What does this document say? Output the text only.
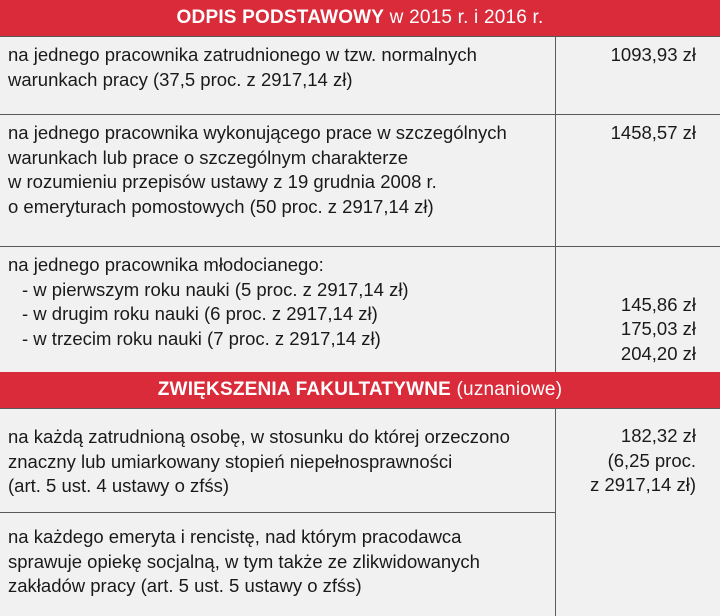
ODPIS PODSTAWOWY w 2015 r. i 2016 r.
na jednego pracownika zatrudnionego w tzw. normalnych
warunkach pracy (37,5 proc. z 2917,14 zł)
1093,93 zł
na jednego pracownika wykonującego prace w szczególnych
warunkach lub prace o szczególnym charakterze
w rozumieniu przepisów ustawy z 19 grudnia 2008 r.
o emeryturach pomostowych (50 proc. z 2917,14 zł)
1458,57 zł
na jednego pracownika młodocianego:
- w pierwszym roku nauki (5 proc. z 2917,14 zł)
- w drugim roku nauki (6 proc. z 2917,14 zł)
- w trzecim roku nauki (7 proc. z 2917,14 zł)
145,86 zł
175,03 zł
204,20 zł
ZWIĘKSZENIA FAKULTATYWNE (uznaniowe)
na każdą zatrudnioną osobę, w stosunku do której orzeczono
znaczny lub umiarkowany stopień niepełnosprawności
(art. 5 ust. 4 ustawy o zfśs)
na każdego emeryta i rencistę, nad którym pracodawca
sprawuje opiekę socjalną, w tym także ze zlikwidowanych
zakładów pracy (art. 5 ust. 5 ustawy o zfśs)
182,32 zł
(6,25 proc.
z 2917,14 zł)
